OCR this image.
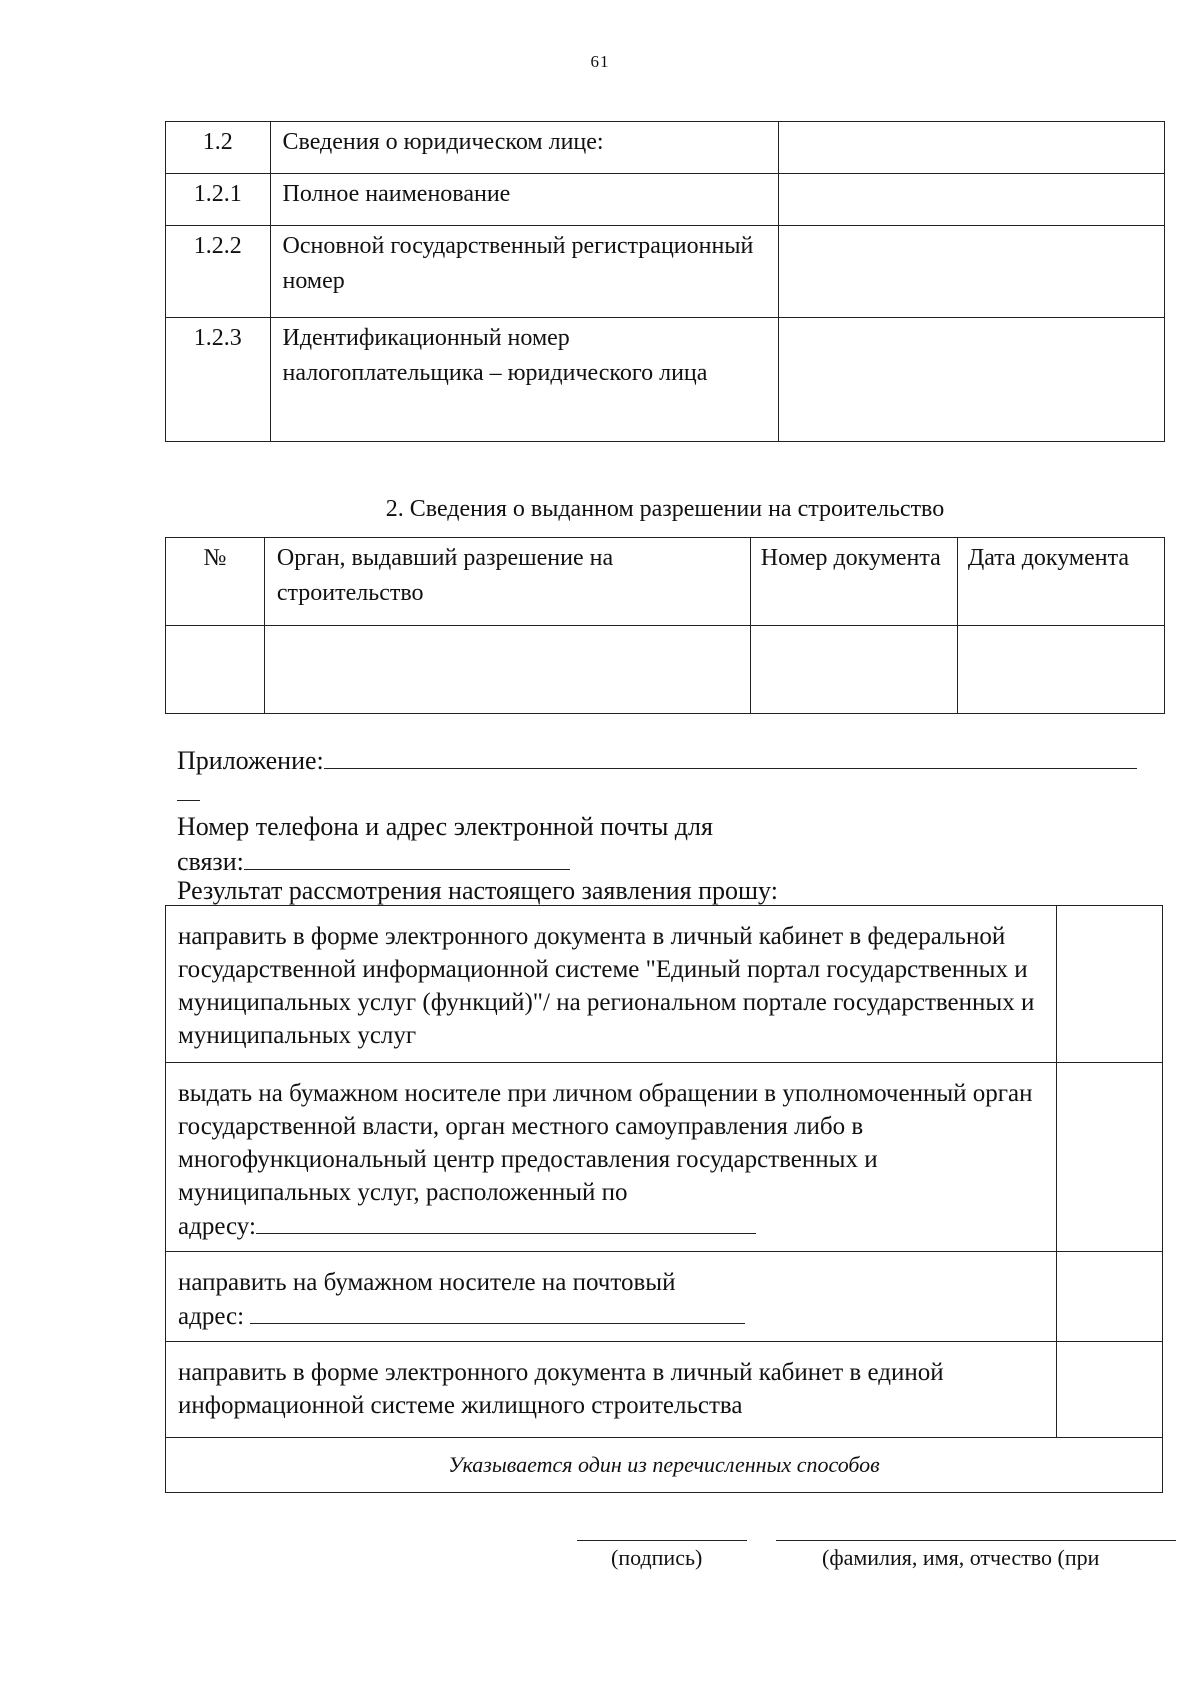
61
1.2	Сведения о юридическом лице:	
1.2.1	Полное наименование	
1.2.2	Основной государственный регистрационный номер	
1.2.3	Идентификационный номер налогоплательщика – юридического лица	
2. Сведения о выданном разрешении на строительство
№	Орган, выдавший разрешение на строительство	Номер документа	Дата документа

Приложение:
Номер телефона и адрес электронной почты для
связи:
Результат рассмотрения настоящего заявления прошу:
направить в форме электронного документа в личный кабинет в федеральной государственной информационной системе "Единый портал государственных и муниципальных услуг (функций)"/ на региональном портале государственных и муниципальных услуг	
выдать на бумажном носителе при личном обращении в уполномоченный орган государственной власти, орган местного самоуправления либо в многофункциональный центр предоставления государственных и муниципальных услуг, расположенный по
адресу:	
направить на бумажном носителе на почтовый
адрес:	
направить в форме электронного документа в личный кабинет в единой информационной системе жилищного строительства	
Указывается один из перечисленных способов	
(подпись)	(фамилия, имя, отчество (при
